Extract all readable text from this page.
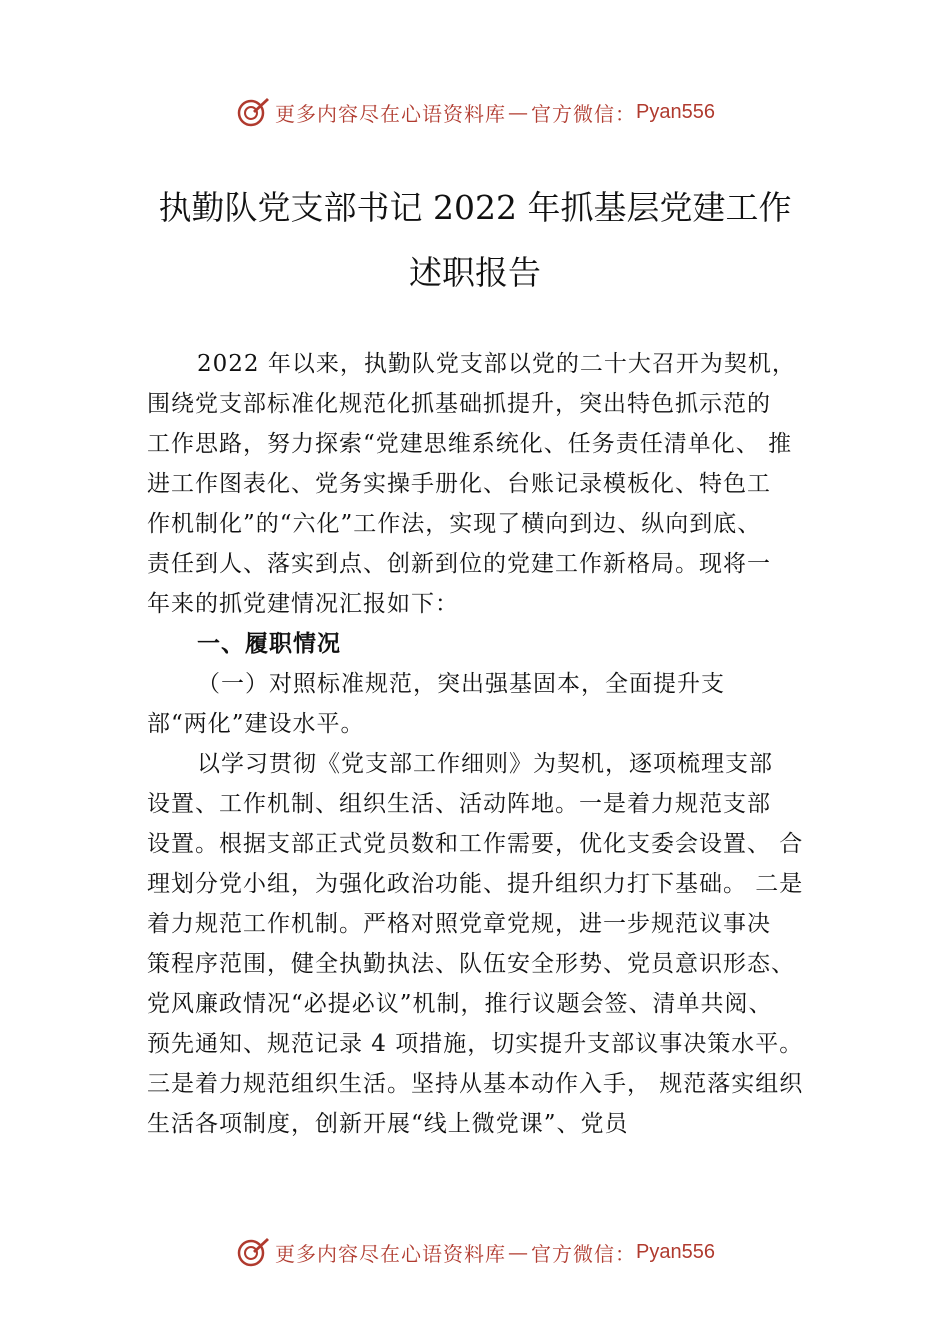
更多内容尽在心语资料库 — 官方微信： Pyan556
执勤队党支部书记 2022 年抓基层党建工作
述职报告
2022 年以来，执勤队党支部以党的二十大召开为契机，
围绕党支部标准化规范化抓基础抓提升，突出特色抓示范的
工作思路，努力探索“党建思维系统化、任务责任清单化、 推
进工作图表化、党务实操手册化、台账记录模板化、特色工
作机制化”的“六化”工作法，实现了横向到边、纵向到底、
责任到人、落实到点、创新到位的党建工作新格局。现将一
年来的抓党建情况汇报如下：
一、履职情况
（一）对照标准规范，突出强基固本，全面提升支
部“两化”建设水平。
以学习贯彻《党支部工作细则》为契机，逐项梳理支部
设置、工作机制、组织生活、活动阵地。一是着力规范支部
设置。根据支部正式党员数和工作需要，优化支委会设置、 合
理划分党小组，为强化政治功能、提升组织力打下基础。 二是
着力规范工作机制。严格对照党章党规，进一步规范议事决
策程序范围，健全执勤执法、队伍安全形势、党员意识形态、
党风廉政情况“必提必议”机制，推行议题会签、清单共阅、
预先通知、规范记录 4 项措施，切实提升支部议事决策水平。
三是着力规范组织生活。坚持从基本动作入手， 规范落实组织
生活各项制度，创新开展“线上微党课”、党员
更多内容尽在心语资料库 — 官方微信： Pyan556
